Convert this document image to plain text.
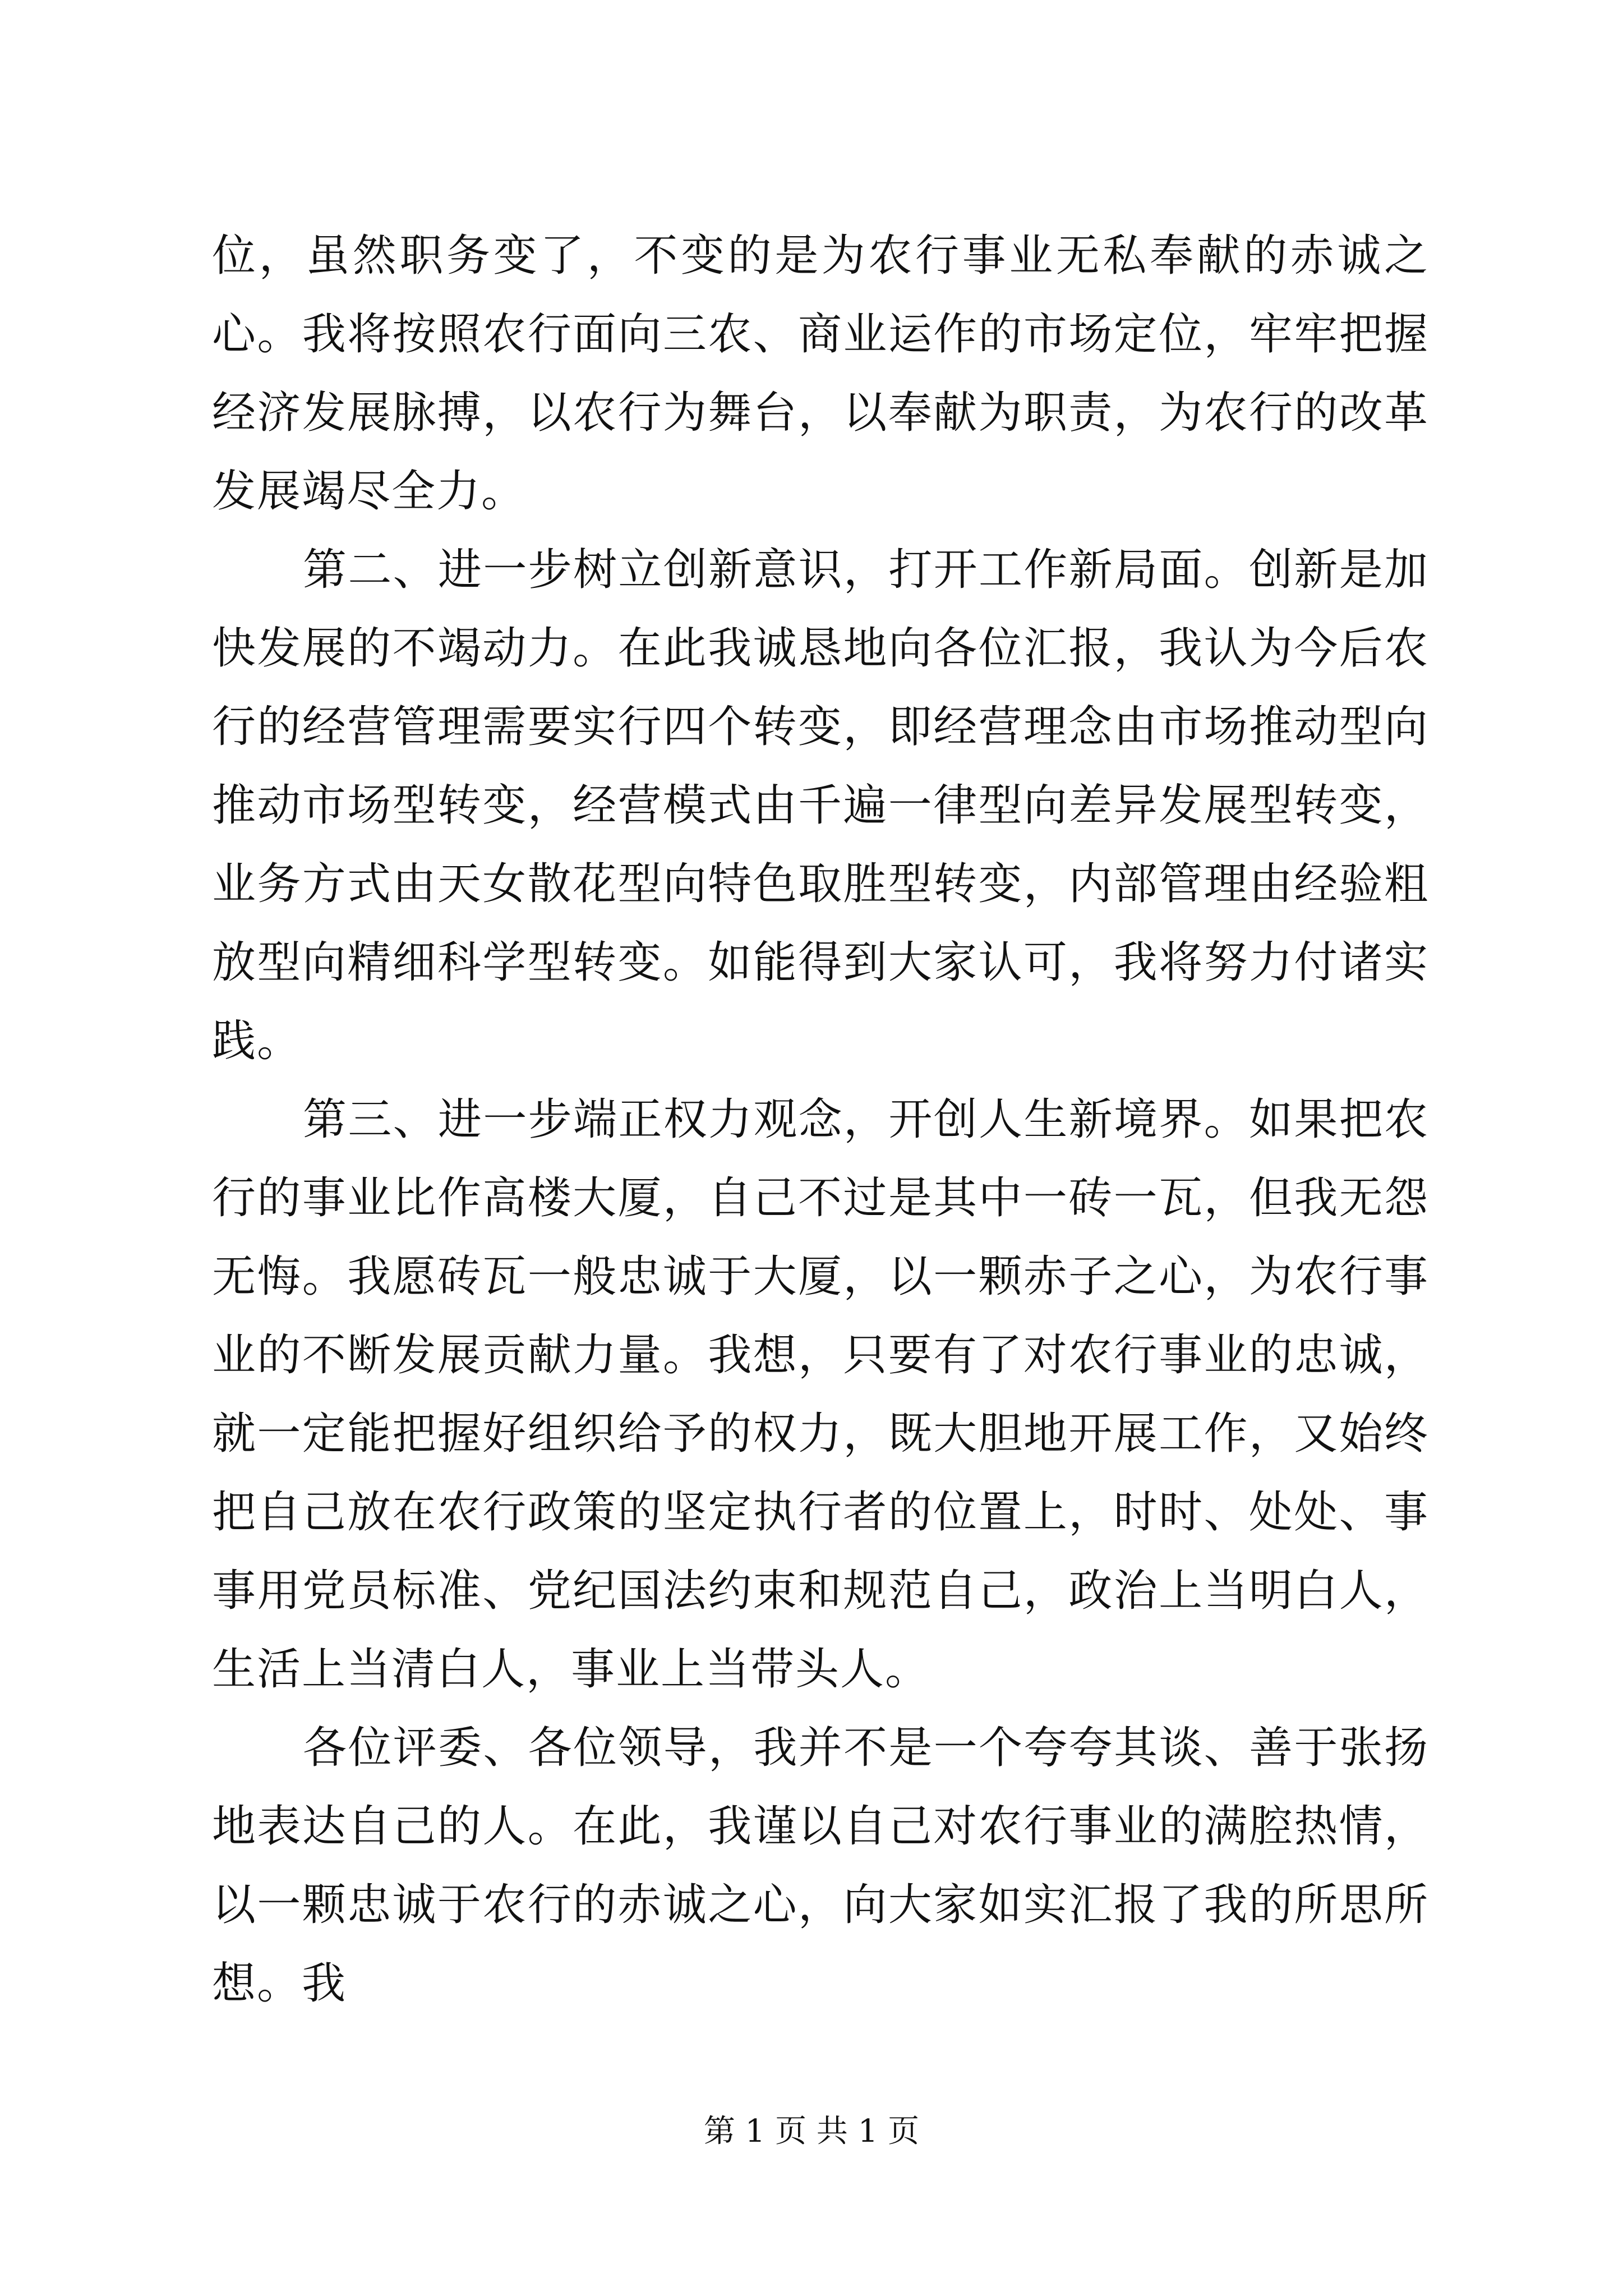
位，虽然职务变了，不变的是为农行事业无私奉献的赤诚之心。我将按照农行面向三农、商业运作的市场定位，牢牢把握经济发展脉搏，以农行为舞台，以奉献为职责，为农行的改革发展竭尽全力。

第二、进一步树立创新意识，打开工作新局面。创新是加快发展的不竭动力。在此我诚恳地向各位汇报，我认为今后农行的经营管理需要实行四个转变，即经营理念由市场推动型向推动市场型转变，经营模式由千遍一律型向差异发展型转变，业务方式由天女散花型向特色取胜型转变，内部管理由经验粗放型向精细科学型转变。如能得到大家认可，我将努力付诸实践。

第三、进一步端正权力观念，开创人生新境界。如果把农行的事业比作高楼大厦，自己不过是其中一砖一瓦，但我无怨无悔。我愿砖瓦一般忠诚于大厦，以一颗赤子之心，为农行事业的不断发展贡献力量。我想，只要有了对农行事业的忠诚，就一定能把握好组织给予的权力，既大胆地开展工作，又始终把自己放在农行政策的坚定执行者的位置上，时时、处处、事事用党员标准、党纪国法约束和规范自己，政治上当明白人，生活上当清白人，事业上当带头人。

各位评委、各位领导，我并不是一个夸夸其谈、善于张扬地表达自己的人。在此，我谨以自己对农行事业的满腔热情，以一颗忠诚于农行的赤诚之心，向大家如实汇报了我的所思所想。我

第 1 页 共 1 页
